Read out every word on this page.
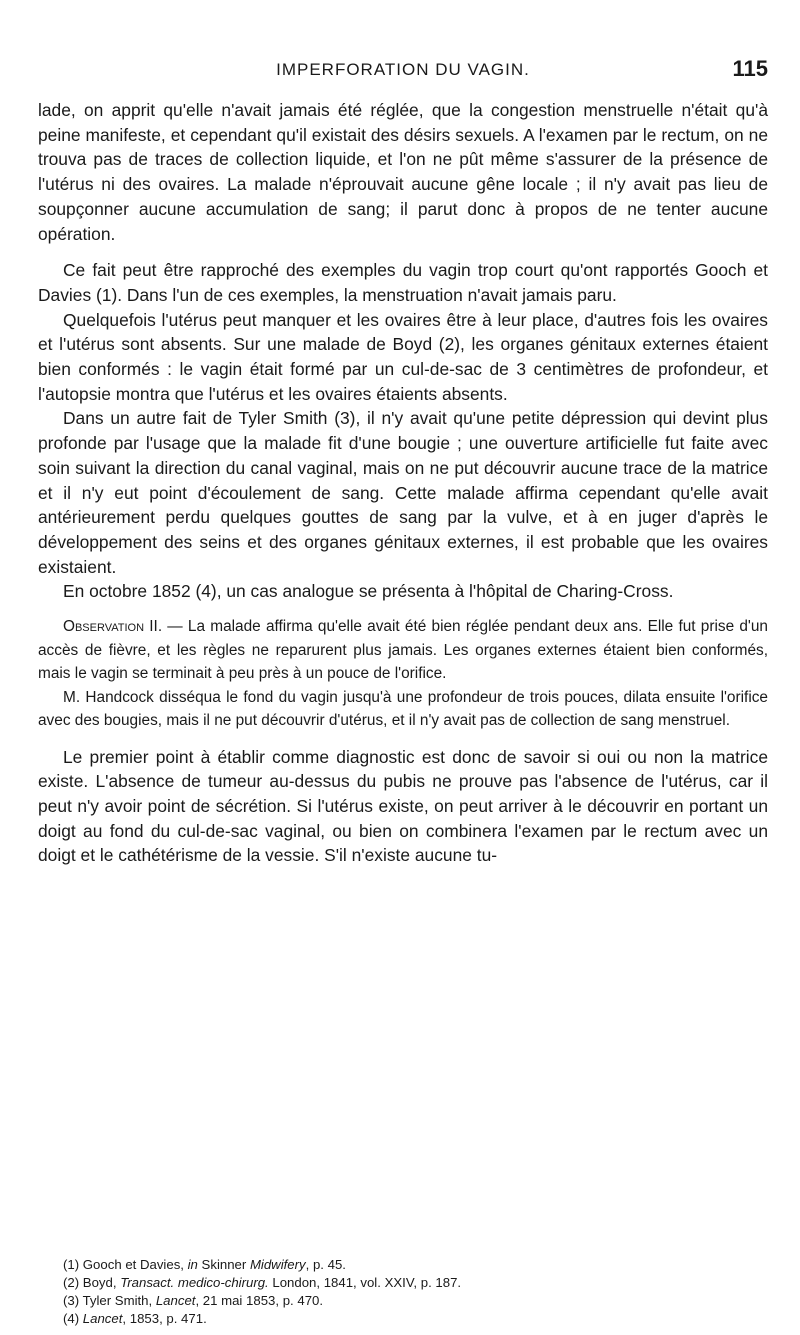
IMPERFORATION DU VAGIN.	115

lade, on apprit qu'elle n'avait jamais été réglée, que la congestion menstruelle n'était qu'à peine manifeste, et cependant qu'il existait des désirs sexuels. A l'examen par le rectum, on ne trouva pas de traces de collection liquide, et l'on ne pût même s'assurer de la présence de l'utérus ni des ovaires. La malade n'éprouvait aucune gêne locale ; il n'y avait pas lieu de soupçonner aucune accumulation de sang; il parut donc à propos de ne tenter aucune opération.

Ce fait peut être rapproché des exemples du vagin trop court qu'ont rapportés Gooch et Davies (1). Dans l'un de ces exemples, la menstruation n'avait jamais paru.

Quelquefois l'utérus peut manquer et les ovaires être à leur place, d'autres fois les ovaires et l'utérus sont absents. Sur une malade de Boyd (2), les organes génitaux externes étaient bien conformés : le vagin était formé par un cul-de-sac de 3 centimètres de profondeur, et l'autopsie montra que l'utérus et les ovaires étaients absents.

Dans un autre fait de Tyler Smith (3), il n'y avait qu'une petite dépression qui devint plus profonde par l'usage que la malade fit d'une bougie ; une ouverture artificielle fut faite avec soin suivant la direction du canal vaginal, mais on ne put découvrir aucune trace de la matrice et il n'y eut point d'écoulement de sang. Cette malade affirma cependant qu'elle avait antérieurement perdu quelques gouttes de sang par la vulve, et à en juger d'après le développement des seins et des organes génitaux externes, il est probable que les ovaires existaient.

En octobre 1852 (4), un cas analogue se présenta à l'hôpital de Charing-Cross.

Observation II. — La malade affirma qu'elle avait été bien réglée pendant deux ans. Elle fut prise d'un accès de fièvre, et les règles ne reparurent plus jamais. Les organes externes étaient bien conformés, mais le vagin se terminait à peu près à un pouce de l'orifice.

M. Handcock disséqua le fond du vagin jusqu'à une profondeur de trois pouces, dilata ensuite l'orifice avec des bougies, mais il ne put découvrir d'utérus, et il n'y avait pas de collection de sang menstruel.

Le premier point à établir comme diagnostic est donc de savoir si oui ou non la matrice existe. L'absence de tumeur au-dessus du pubis ne prouve pas l'absence de l'utérus, car il peut n'y avoir point de sécrétion. Si l'utérus existe, on peut arriver à le découvrir en portant un doigt au fond du cul-de-sac vaginal, ou bien on combinera l'examen par le rectum avec un doigt et le cathétérisme de la vessie. S'il n'existe aucune tu-

(1) Gooch et Davies, in Skinner Midwifery, p. 45.
(2) Boyd, Transact. medico-chirurg. London, 1841, vol. XXIV, p. 187.
(3) Tyler Smith, Lancet, 21 mai 1853, p. 470.
(4) Lancet, 1853, p. 471.
